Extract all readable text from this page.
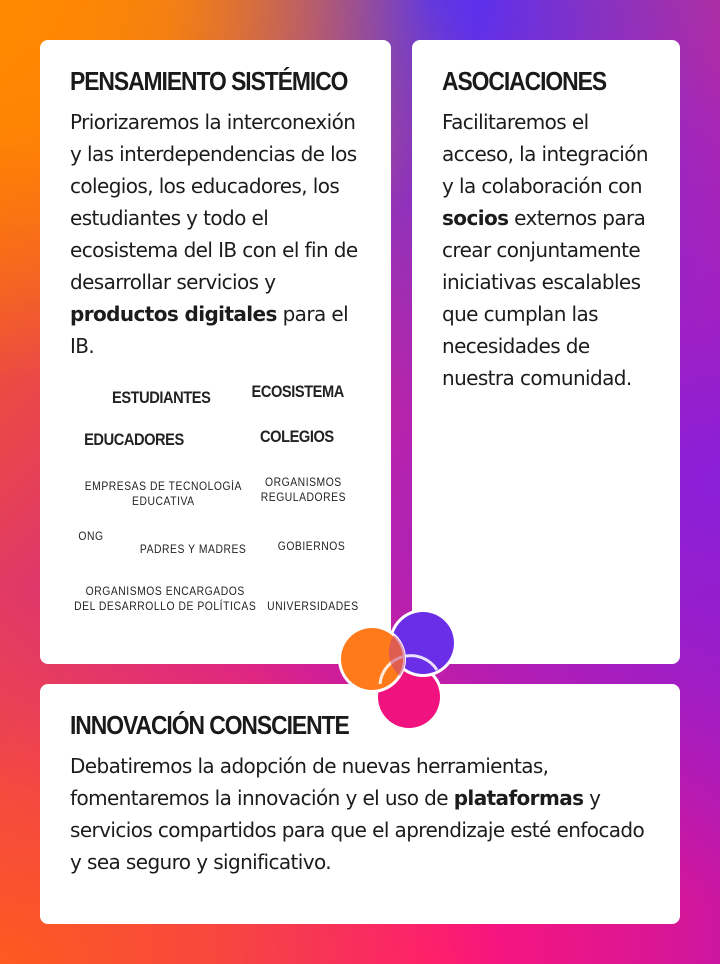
PENSAMIENTO SISTÉMICO

Priorizaremos la interconexión y las interdependencias de los colegios, los educadores, los estudiantes y todo el ecosistema del IB con el fin de desarrollar servicios y productos digitales para el IB.

ESTUDIANTES ECOSISTEMA
EDUCADORES	COLEGIOS
EMPRESAS DE TECNOLOGÍA
EDUCATIVA
ORGANISMOS
REGULADORES
ONG
PADRES Y MADRES	GOBIERNOS
ORGANISMOS ENCARGADOS
DEL DESARROLLO DE POLÍTICAS UNIVERSIDADES
ASOCIACIONES

Facilitaremos el acceso, la integración y la colaboración con socios externos para crear conjuntamente iniciativas escalables que cumplan las necesidades de nuestra comunidad.

INNOVACIÓN CONSCIENTE

Debatiremos la adopción de nuevas herramientas, fomentaremos la innovación y el uso de plataformas y servicios compartidos para que el aprendizaje esté enfocado y sea seguro y significativo.
